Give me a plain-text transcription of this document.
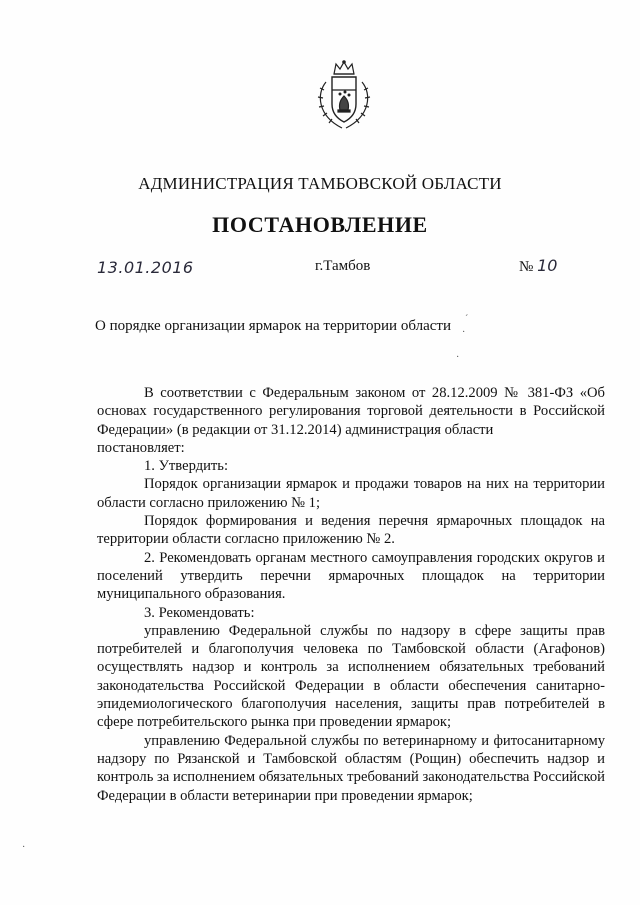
АДМИНИСТРАЦИЯ ТАМБОВСКОЙ ОБЛАСТИ
ПОСТАНОВЛЕНИЕ
13.01.2016	г.Тамбов	№ 10
О порядке организации ярмарок на территории области ˊ
·
·
·

В соответствии с Федеральным законом от 28.12.2009 № 381-ФЗ «Об основах государственного регулирования торговой деятельности в Российской Федерации» (в редакции от 31.12.2014) администрация области

постановляет:

1. Утвердить:

Порядок организации ярмарок и продажи товаров на них на территории области согласно приложению № 1;

Порядок формирования и ведения перечня ярмарочных площадок на территории области согласно приложению № 2.

2. Рекомендовать органам местного самоуправления городских округов и поселений утвердить перечни ярмарочных площадок на территории муниципального образования.

3. Рекомендовать:

управлению Федеральной службы по надзору в сфере защиты прав потребителей и благополучия человека по Тамбовской области (Агафонов) осуществлять надзор и контроль за исполнением обязательных требований законодательства Российской Федерации в области обеспечения санитарно-эпидемиологического благополучия населения, защиты прав потребителей в сфере потребительского рынка при проведении ярмарок;

управлению Федеральной службы по ветеринарному и фитосанитарному надзору по Рязанской и Тамбовской областям (Рощин) обеспечить надзор и контроль за исполнением обязательных требований законодательства Российской Федерации в области ветеринарии при проведении ярмарок;
